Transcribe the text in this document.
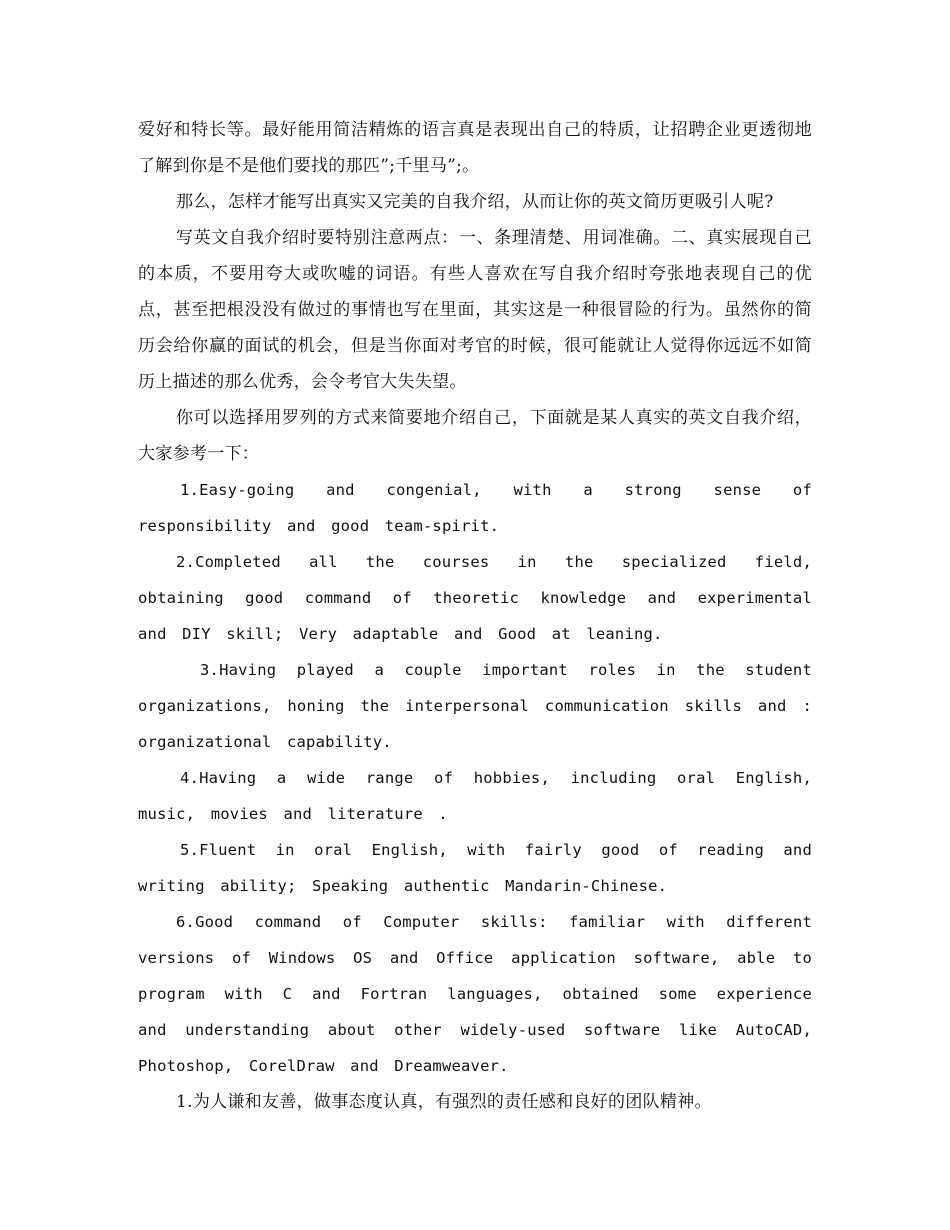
爱好和特长等。最好能用简洁精炼的语言真是表现出自己的特质，让招聘企业更透彻地了解到你是不是他们要找的那匹”;千里马”;。

那么，怎样才能写出真实又完美的自我介绍，从而让你的英文简历更吸引人呢?

写英文自我介绍时要特别注意两点：一、条理清楚、用词准确。二、真实展现自己的本质，不要用夸大或吹嘘的词语。有些人喜欢在写自我介绍时夸张地表现自己的优点，甚至把根没没有做过的事情也写在里面，其实这是一种很冒险的行为。虽然你的简历会给你赢的面试的机会，但是当你面对考官的时候，很可能就让人觉得你远远不如简历上描述的那么优秀，会令考官大失失望。

你可以选择用罗列的方式来简要地介绍自己，下面就是某人真实的英文自我介绍，大家参考一下：

1.Easy-going and congenial, with a strong sense of responsibility and good team-spirit.

2.Completed all the courses in the specialized field, obtaining good command of theoretic knowledge and experimental and DIY skill; Very adaptable and Good at leaning.

3.Having played a couple important roles in the student organizations, honing the interpersonal communication skills and : organizational capability.

4.Having a wide range of hobbies, including oral English, music, movies and literature .

5.Fluent in oral English, with fairly good of reading and writing ability; Speaking authentic Mandarin-Chinese.

6.Good command of Computer skills: familiar with different versions of Windows OS and Office application software, able to program with C and Fortran languages, obtained some experience and understanding about other widely-used software like AutoCAD, Photoshop, CorelDraw and Dreamweaver.

1.为人谦和友善，做事态度认真，有强烈的责任感和良好的团队精神。
